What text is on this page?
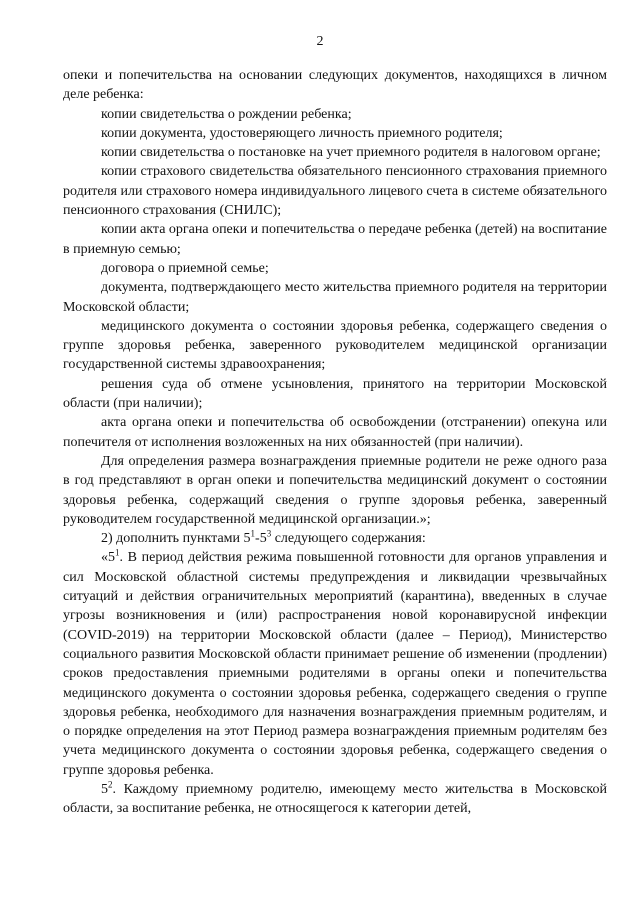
2

опеки и попечительства на основании следующих документов, находящихся в личном деле ребенка:

копии свидетельства о рождении ребенка;

копии документа, удостоверяющего личность приемного родителя;

копии свидетельства о постановке на учет приемного родителя в налоговом органе;

копии страхового свидетельства обязательного пенсионного страхования приемного родителя или страхового номера индивидуального лицевого счета в системе обязательного пенсионного страхования (СНИЛС);

копии акта органа опеки и попечительства о передаче ребенка (детей) на воспитание в приемную семью;

договора о приемной семье;

документа, подтверждающего место жительства приемного родителя на территории Московской области;

медицинского документа о состоянии здоровья ребенка, содержащего сведения о группе здоровья ребенка, заверенного руководителем медицинской организации государственной системы здравоохранения;

решения суда об отмене усыновления, принятого на территории Московской области (при наличии);

акта органа опеки и попечительства об освобождении (отстранении) опекуна или попечителя от исполнения возложенных на них обязанностей (при наличии).

Для определения размера вознаграждения приемные родители не реже одного раза в год представляют в орган опеки и попечительства медицинский документ о состоянии здоровья ребенка, содержащий сведения о группе здоровья ребенка, заверенный руководителем государственной медицинской организации.»;

2) дополнить пунктами $5^1-5^3$ следующего содержания:

«$5^1$. В период действия режима повышенной готовности для органов управления и сил Московской областной системы предупреждения и ликвидации чрезвычайных ситуаций и действия ограничительных мероприятий (карантина), введенных в случае угрозы возникновения и (или) распространения новой коронавирусной инфекции (COVID-2019) на территории Московской области (далее – Период), Министерство социального развития Московской области принимает решение об изменении (продлении) сроков предоставления приемными родителями в органы опеки и попечительства медицинского документа о состоянии здоровья ребенка, содержащего сведения о группе здоровья ребенка, необходимого для назначения вознаграждения приемным родителям, и о порядке определения на этот Период размера вознаграждения приемным родителям без учета медицинского документа о состоянии здоровья ребенка, содержащего сведения о группе здоровья ребенка.

$5^2$. Каждому приемному родителю, имеющему место жительства в Московской области, за воспитание ребенка, не относящегося к категории детей,
